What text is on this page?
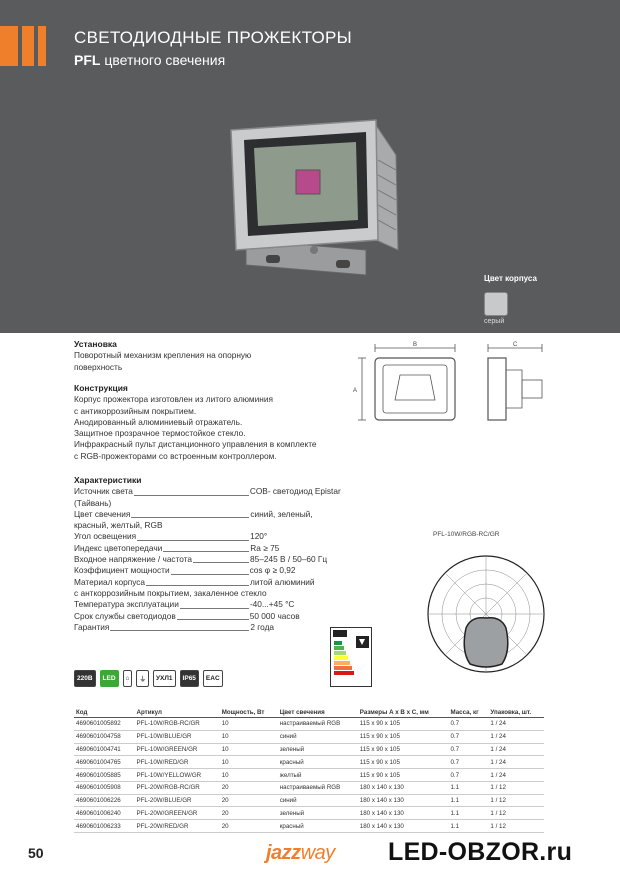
СВЕТОДИОДНЫЕ ПРОЖЕКТОРЫ
PFL цветного свечения
Цвет корпуса
серый
Установка

Поворотный механизм крепления на опорную поверхность

Конструкция

Корпус прожектора изготовлен из литого алюминия

с антикоррозийным покрытием.

Анодированный алюминиевый отражатель.

Защитное прозрачное термостойкое стекло.

Инфракрасный пульт дистанционного управления в комплекте

с RGB-прожекторами со встроенным контроллером.

Характеристики
Источник света	COB- светодиод Epistar
(Тайвань)
Цвет свечения	синий, зеленый,
красный, желтый, RGB
Угол освещения	120°
Индекс цветопередачи	Ra ≥ 75
Входное напряжение / частота	85–245 В / 50–60 Гц
Коэффициент мощности	cos φ ≥ 0,92
Материал корпуса	литой алюминий
с анткоррозийным покрытием, закаленное стекло
Температура эксплуатации	-40...+45 °С
Срок службы светодиодов	50 000 часов
Гарантия	2 года
B
A
C
PFL-10W/RGB-RC/GR
220B	LED	⌂	⏚	УХЛ1	IP65	EAC
Код	Артикул	Мощность, Вт	Цвет свечения	Размеры А х В х С, мм	Масса, кг	Упаковка, шт.
4690601005892	PFL-10W/RGB-RC/GR	10	настраиваемый RGB	115 х 90 х 105	0.7	1 / 24
4690601004758	PFL-10W/BLUE/GR	10	синий	115 х 90 х 105	0.7	1 / 24
4690601004741	PFL-10W/GREEN/GR	10	зеленый	115 х 90 х 105	0.7	1 / 24
4690601004765	PFL-10W/RED/GR	10	красный	115 х 90 х 105	0.7	1 / 24
4690601005885	PFL-10W/YELLOW/GR	10	желтый	115 х 90 х 105	0.7	1 / 24
4690601005908	PFL-20W/RGB-RC/GR	20	настраиваемый RGB	180 х 140 х 130	1.1	1 / 12
4690601006226	PFL-20W/BLUE/GR	20	синий	180 х 140 х 130	1.1	1 / 12
4690601006240	PFL-20W/GREEN/GR	20	зеленый	180 х 140 х 130	1.1	1 / 12
4690601006233	PFL-20W/RED/GR	20	красный	180 х 140 х 130	1.1	1 / 12
50	jazzway LED-OBZOR.ru
